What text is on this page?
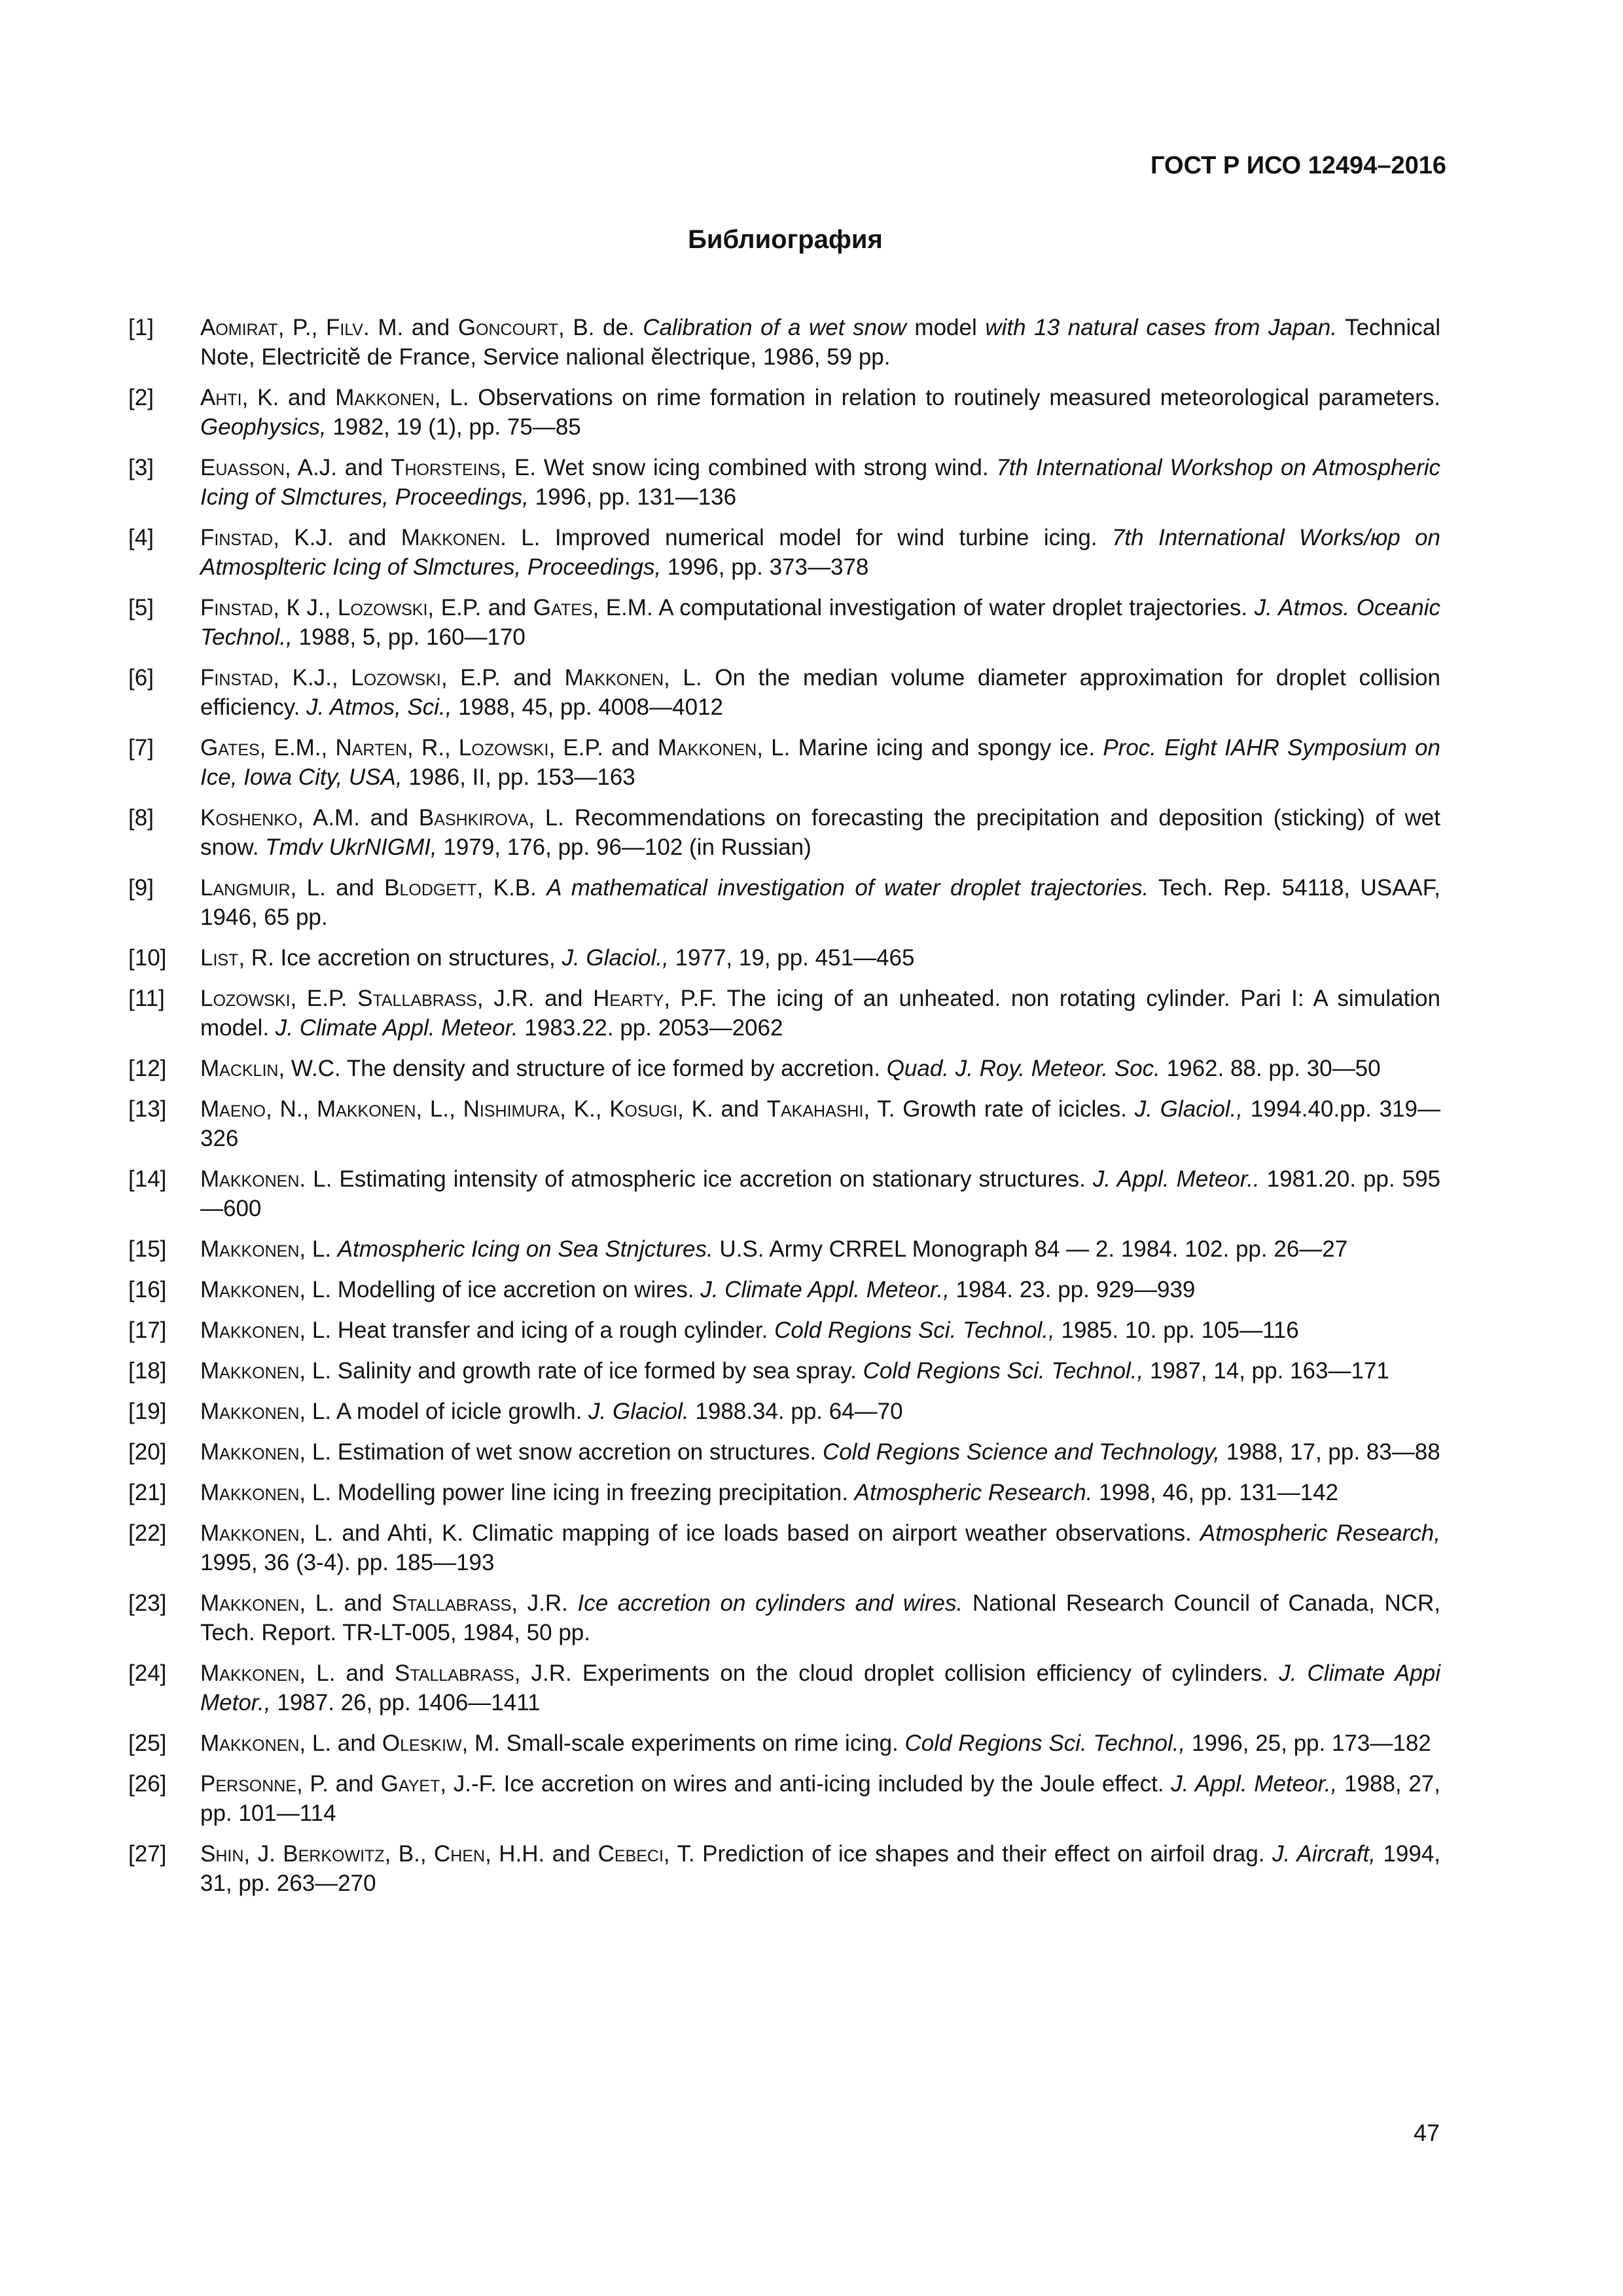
ГОСТ Р ИСО 12494–2016
Библиография
[1]	Aomirat, P., Filv. M. and Goncourt, B. de. Calibration of a wet snow model with 13 natural cases from Japan. Technical Note, Electricitĕ de France, Service nalional ĕlectrique, 1986, 59 pp.
[2]	Ahti, K. and Makkonen, L. Observations on rime formation in relation to routinely measured meteorological parameters. Geophysics, 1982, 19 (1), pp. 75—85
[3]	Euasson, A.J. and Thorsteins, E. Wet snow icing combined with strong wind. 7th International Workshop on Atmospheric Icing of Slmctures, Proceedings, 1996, pp. 131—136
[4]	Finstad, K.J. and Makkonen. L. Improved numerical model for wind turbine icing. 7th International Works/юр on Atmosplteric Icing of Slmctures, Proceedings, 1996, pp. 373—378
[5]	Finstad, К J., Lozowski, E.P. and Gates, E.M. A computational investigation of water droplet trajectories. J. Atmos. Oceanic Technol., 1988, 5, pp. 160—170
[6]	Finstad, K.J., Lozowski, E.P. and Makkonen, L. On the median volume diameter approximation for droplet collision efficiency. J. Atmos, Sci., 1988, 45, pp. 4008—4012
[7]	Gates, E.M., Narten, R., Lozowski, E.P. and Makkonen, L. Marine icing and spongy ice. Proc. Eight IAHR Symposium on Ice, Iowa City, USA, 1986, II, pp. 153—163
[8]	Koshenko, A.M. and Bashkirova, L. Recommendations on forecasting the precipitation and deposition (sticking) of wet snow. Tmdv UkrNIGMI, 1979, 176, pp. 96—102 (in Russian)
[9]	Langmuir, L. and Blodgett, K.B. A mathematical investigation of water droplet trajectories. Tech. Rep. 54118, USAAF, 1946, 65 pp.
[10]	List, R. Ice accretion on structures, J. Glaciol., 1977, 19, pp. 451—465
[11]	Lozowski, E.P. Stallabrass, J.R. and Hearty, P.F. The icing of an unheated. non rotating cylinder. Pari I: A simulation model. J. Climate Appl. Meteor. 1983.22. pp. 2053—2062
[12]	Macklin, W.C. The density and structure of ice formed by accretion. Quad. J. Roy. Meteor. Soc. 1962. 88. pp. 30—50
[13]	Maeno, N., Makkonen, L., Nishimura, K., Kosugi, K. and Takahashi, T. Growth rate of icicles. J. Glaciol., 1994.40.pp. 319—326
[14]	Makkonen. L. Estimating intensity of atmospheric ice accretion on stationary structures. J. Appl. Meteor.. 1981.20. pp. 595—600
[15]	Makkonen, L. Atmospheric Icing on Sea Stnjctures. U.S. Army CRREL Monograph 84 — 2. 1984. 102. pp. 26—27
[16]	Makkonen, L. Modelling of ice accretion on wires. J. Climate Appl. Meteor., 1984. 23. pp. 929—939
[17]	Makkonen, L. Heat transfer and icing of a rough cylinder. Cold Regions Sci. Technol., 1985. 10. pp. 105—116
[18]	Makkonen, L. Salinity and growth rate of ice formed by sea spray. Cold Regions Sci. Technol., 1987, 14, pp. 163—171
[19]	Makkonen, L. A model of icicle growlh. J. Glaciol. 1988.34. pp. 64—70
[20]	Makkonen, L. Estimation of wet snow accretion on structures. Cold Regions Science and Technology, 1988, 17, pp. 83—88
[21]	Makkonen, L. Modelling power line icing in freezing precipitation. Atmospheric Research. 1998, 46, pp. 131—142
[22]	Makkonen, L. and Ahti, K. Climatic mapping of ice loads based on airport weather observations. Atmospheric Research, 1995, 36 (3-4). pp. 185—193
[23]	Makkonen, L. and Stallabrass, J.R. Ice accretion on cylinders and wires. National Research Council of Canada, NCR, Tech. Report. TR-LT-005, 1984, 50 pp.
[24]	Makkonen, L. and Stallabrass, J.R. Experiments on the cloud droplet collision efficiency of cylinders. J. Climate Appi Metor., 1987. 26, pp. 1406—1411
[25]	Makkonen, L. and Oleskiw, M. Small-scale experiments on rime icing. Cold Regions Sci. Technol., 1996, 25, pp. 173—182
[26]	Personne, P. and Gayet, J.-F. Ice accretion on wires and anti-icing included by the Joule effect. J. Appl. Meteor., 1988, 27, pp. 101—114
[27]	Shin, J. Berkowitz, B., Chen, H.H. and Cebeci, T. Prediction of ice shapes and their effect on airfoil drag. J. Aircraft, 1994, 31, pp. 263—270
47
